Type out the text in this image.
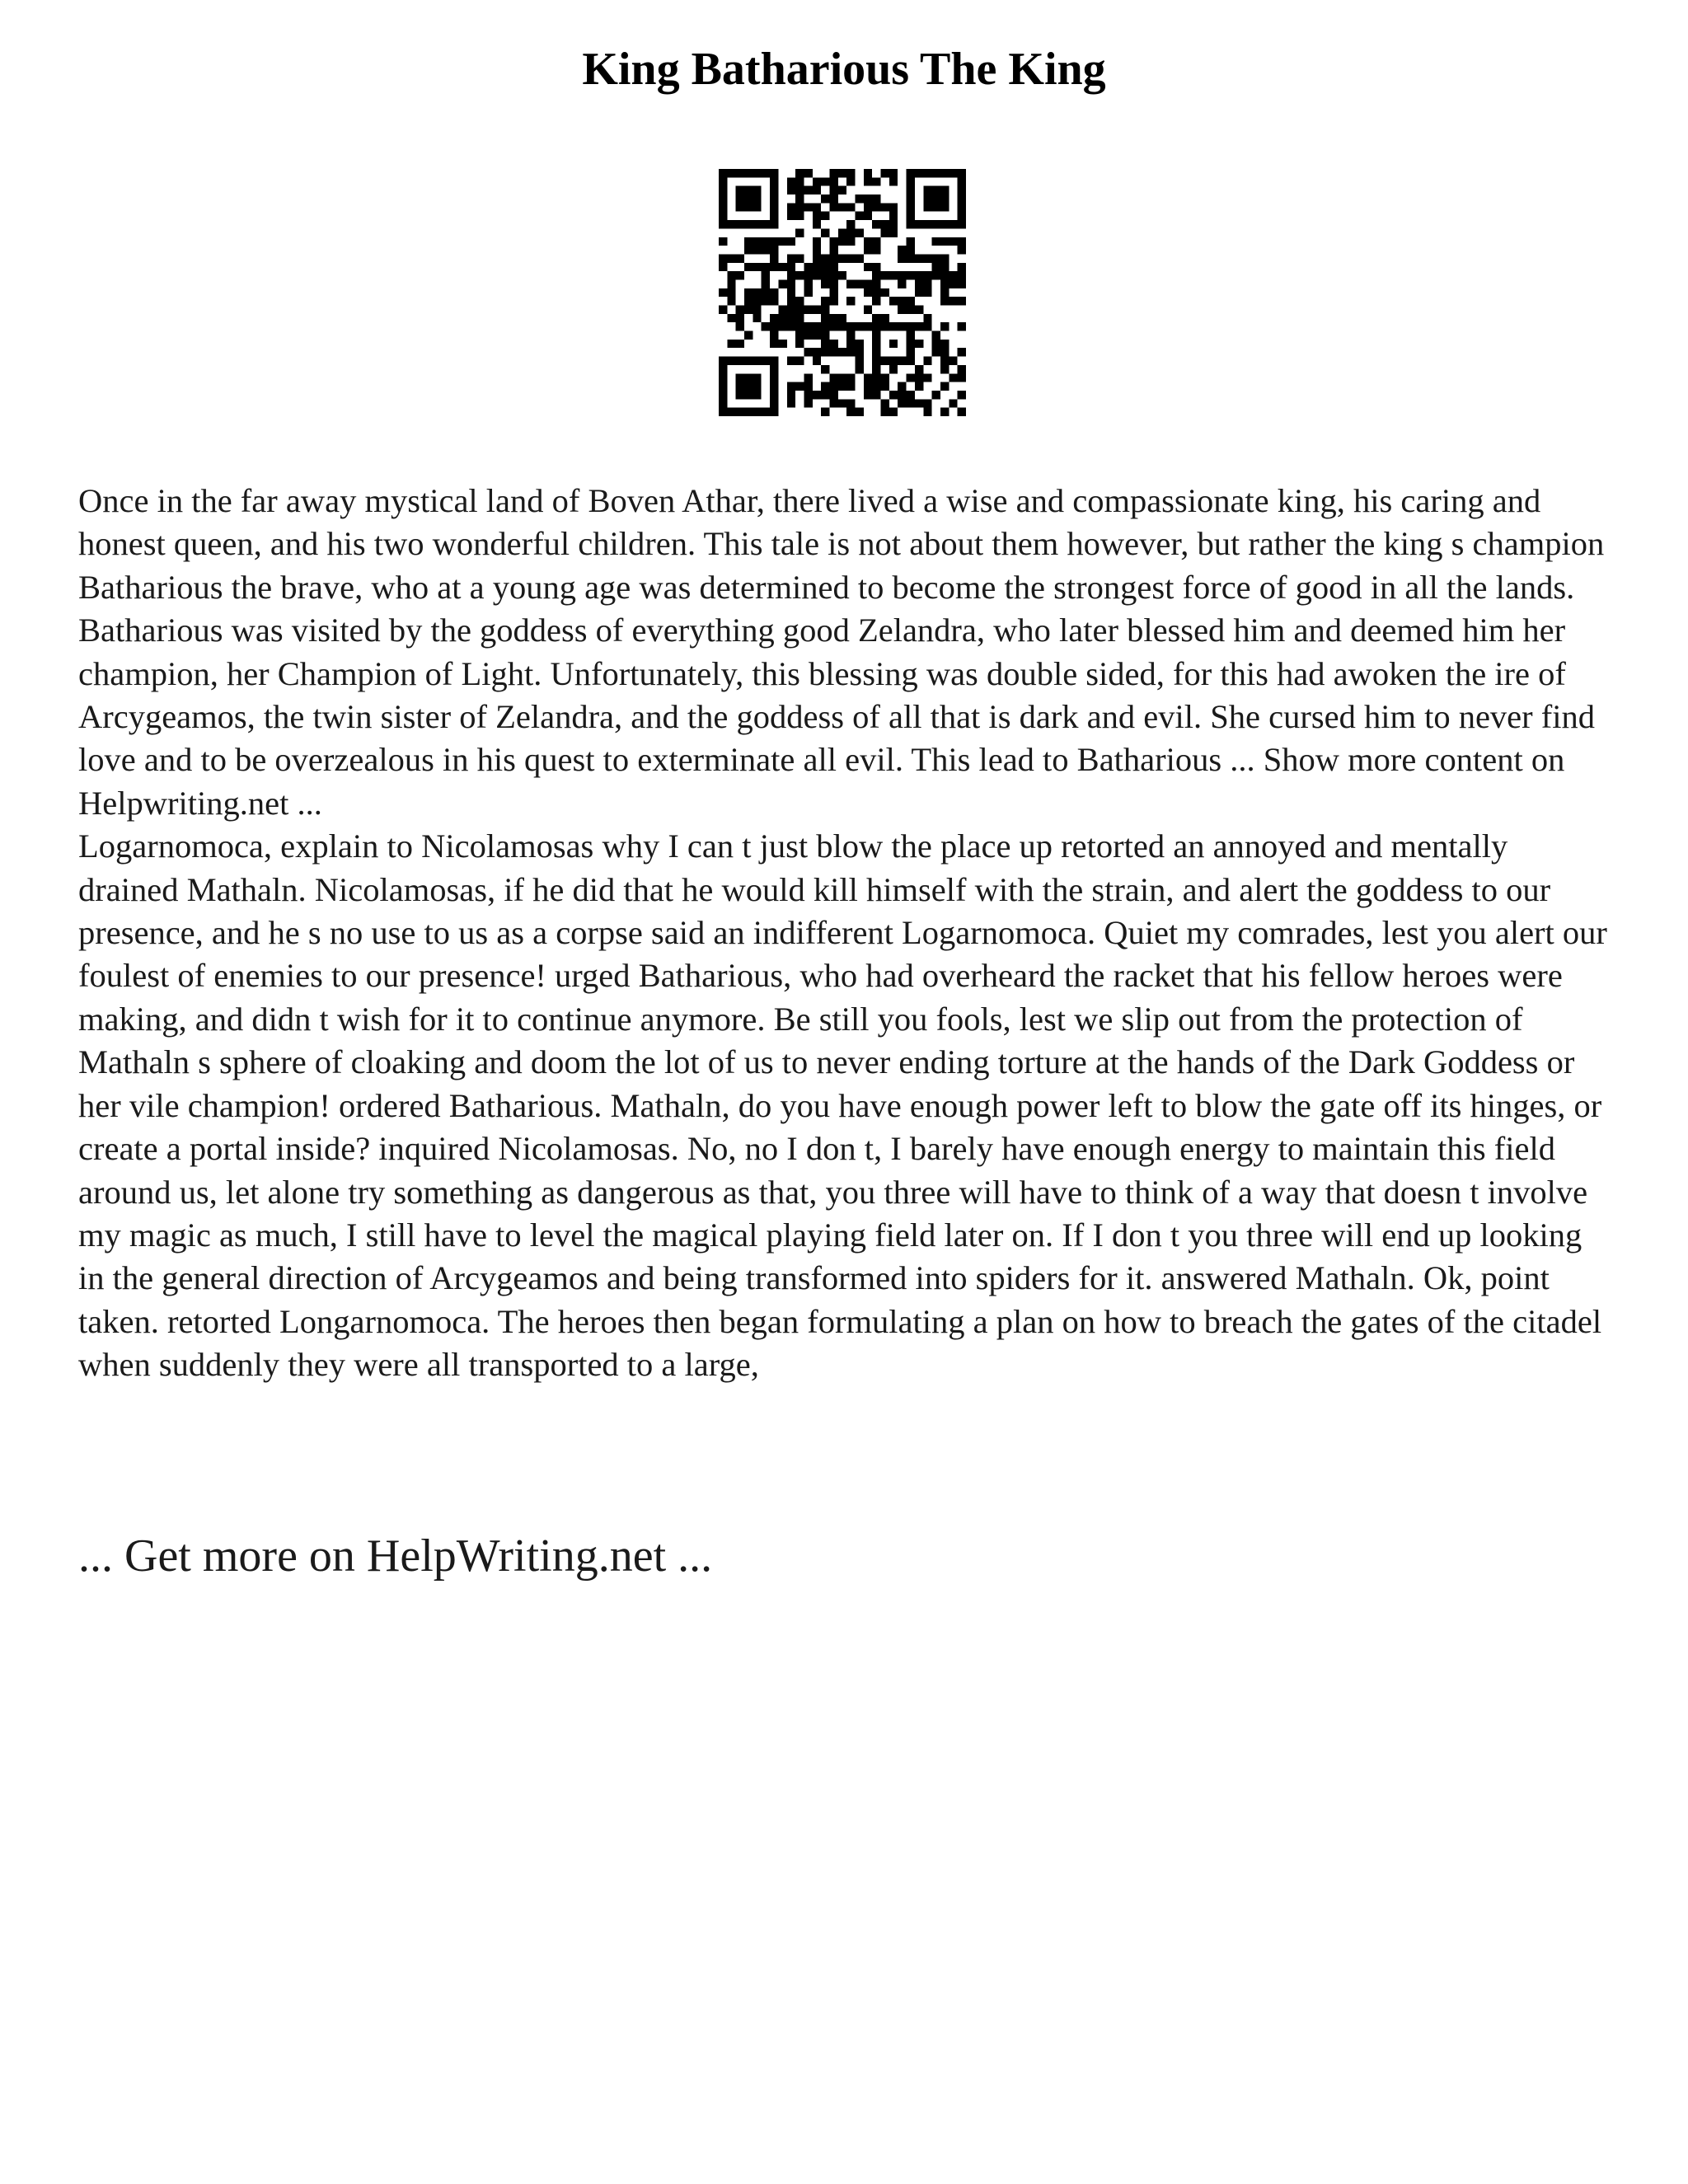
King Batharious The King

Once in the far away mystical land of Boven Athar, there lived a wise and compassionate king, his caring and honest queen, and his two wonderful children. This tale is not about them however, but rather the king s champion Batharious the brave, who at a young age was determined to become the strongest force of good in all the lands. Batharious was visited by the goddess of everything good Zelandra, who later blessed him and deemed him her champion, her Champion of Light. Unfortunately, this blessing was double sided, for this had awoken the ire of Arcygeamos, the twin sister of Zelandra, and the goddess of all that is dark and evil. She cursed him to never find love and to be overzealous in his quest to exterminate all evil. This lead to Batharious ... Show more content on Helpwriting.net ...

Logarnomoca, explain to Nicolamosas why I can t just blow the place up retorted an annoyed and mentally drained Mathaln. Nicolamosas, if he did that he would kill himself with the strain, and alert the goddess to our presence, and he s no use to us as a corpse said an indifferent Logarnomoca. Quiet my comrades, lest you alert our foulest of enemies to our presence! urged Batharious, who had overheard the racket that his fellow heroes were making, and didn t wish for it to continue anymore. Be still you fools, lest we slip out from the protection of Mathaln s sphere of cloaking and doom the lot of us to never ending torture at the hands of the Dark Goddess or her vile champion! ordered Batharious. Mathaln, do you have enough power left to blow the gate off its hinges, or create a portal inside? inquired Nicolamosas. No, no I don t, I barely have enough energy to maintain this field around us, let alone try something as dangerous as that, you three will have to think of a way that doesn t involve my magic as much, I still have to level the magical playing field later on. If I don t you three will end up looking in the general direction of Arcygeamos and being transformed into spiders for it. answered Mathaln. Ok, point taken. retorted Longarnomoca. The heroes then began formulating a plan on how to breach the gates of the citadel when suddenly they were all transported to a large,

... Get more on HelpWriting.net ...
